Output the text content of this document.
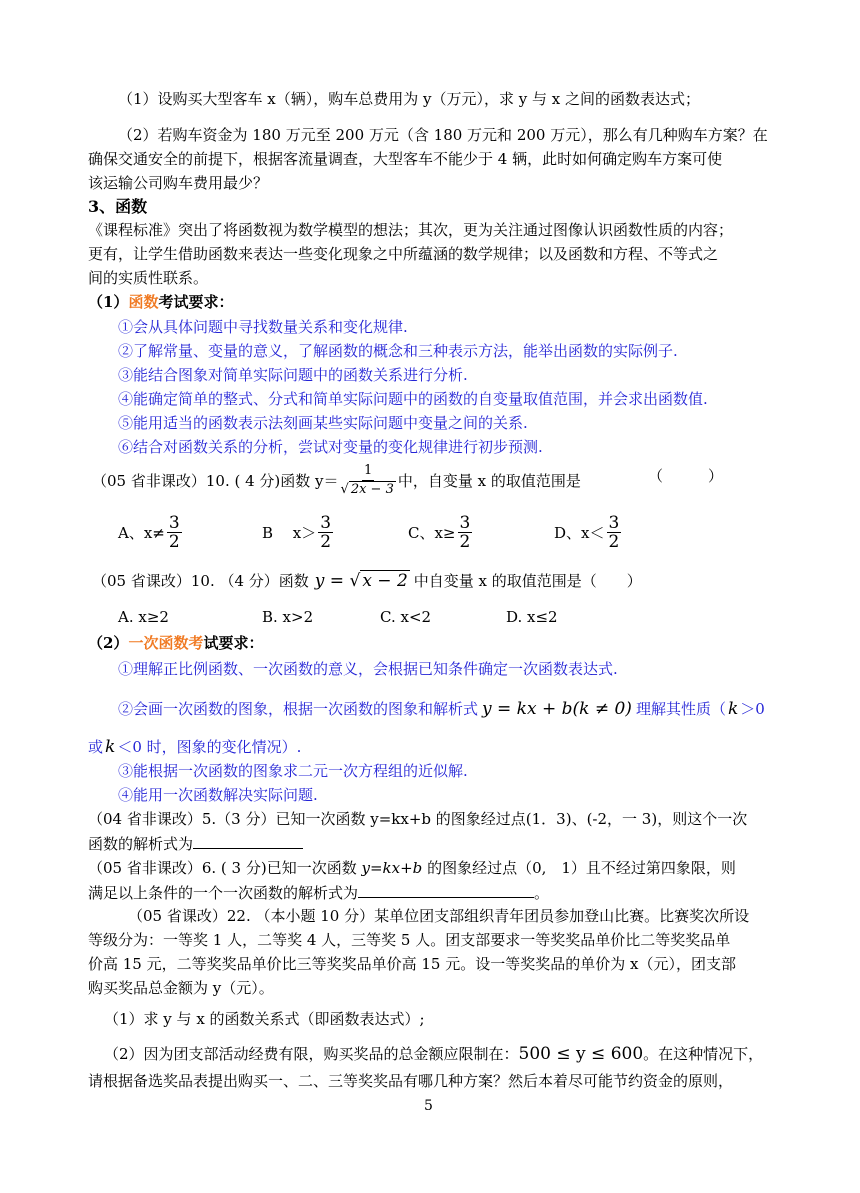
（1）设购买大型客车 x（辆），购车总费用为 y（万元），求 y 与 x 之间的函数表达式；
（2）若购车资金为 180 万元至 200 万元（含 180 万元和 200 万元），那么有几种购车方案？在
确保交通安全的前提下，根据客流量调查，大型客车不能少于 4 辆，此时如何确定购车方案可使
该运输公司购车费用最少？
3、函数
《课程标准》突出了将函数视为数学模型的想法；其次，更为关注通过图像认识函数性质的内容；
更有，让学生借助函数来表达一些变化现象之中所蕴涵的数学规律；以及函数和方程、不等式之
间的实质性联系。
（1）函数考试要求：
①会从具体问题中寻找数量关系和变化规律.
②了解常量、变量的意义，了解函数的概念和三种表示方法，能举出函数的实际例子.
③能结合图象对简单实际问题中的函数关系进行分析.
④能确定简单的整式、分式和简单实际问题中的函数的自变量取值范围，并会求出函数值.
⑤能用适当的函数表示法刻画某些实际问题中变量之间的关系.
⑥结合对函数关系的分析，尝试对变量的变化规律进行初步预测.
（05 省非课改）10. ( 4 分)函数 $y= \frac{1}{√ 2x - 3}$ 中，自变量 x 的取值范围是	（　　　）
A、$x\ne \frac{3}{2}$	B　 $x> \frac{3}{2}$	C、$x\ge \frac{3}{2}$	D、$x< \frac{3}{2}$
（05 省课改）10. （4 分）函数 y = √ x − 2 中自变量 x 的取值范围是（　　）
A. x≥2	B. x>2	C. x<2	D. x≤2
（2）一次函数考试要求：
①理解正比例函数、一次函数的意义，会根据已知条件确定一次函数表达式.
②会画一次函数的图象，根据一次函数的图象和解析式 y = kx + b(k ≠ 0) 理解其性质（ k ＞0
或 k ＜0 时，图象的变化情况）.
③能根据一次函数的图象求二元一次方程组的近似解.
④能用一次函数解决实际问题.
（04 省非课改）5.（3 分）已知一次函数 y=kx+b 的图象经过点(1．3)、(-2，一 3)，则这个一次
函数的解析式为
（05 省非课改）6. ( 3 分)已知一次函数 y=kx+b 的图象经过点（0,　1）且不经过第四象限，则
满足以上条件的一个一次函数的解析式为	。
（05 省课改）22. （本小题 10 分）某单位团支部组织青年团员参加登山比赛。比赛奖次所设
等级分为：一等奖 1 人，二等奖 4 人，三等奖 5 人。团支部要求一等奖奖品单价比二等奖奖品单
价高 15 元，二等奖奖品单价比三等奖奖品单价高 15 元。设一等奖奖品的单价为 x（元），团支部
购买奖品总金额为 y（元）。
（1）求 y 与 x 的函数关系式（即函数表达式）;
（2）因为团支部活动经费有限，购买奖品的总金额应限制在： 500 ≤ y ≤ 600 。在这种情况下，
请根据备选奖品表提出购买一、二、三等奖奖品有哪几种方案？然后本着尽可能节约资金的原则，
5
